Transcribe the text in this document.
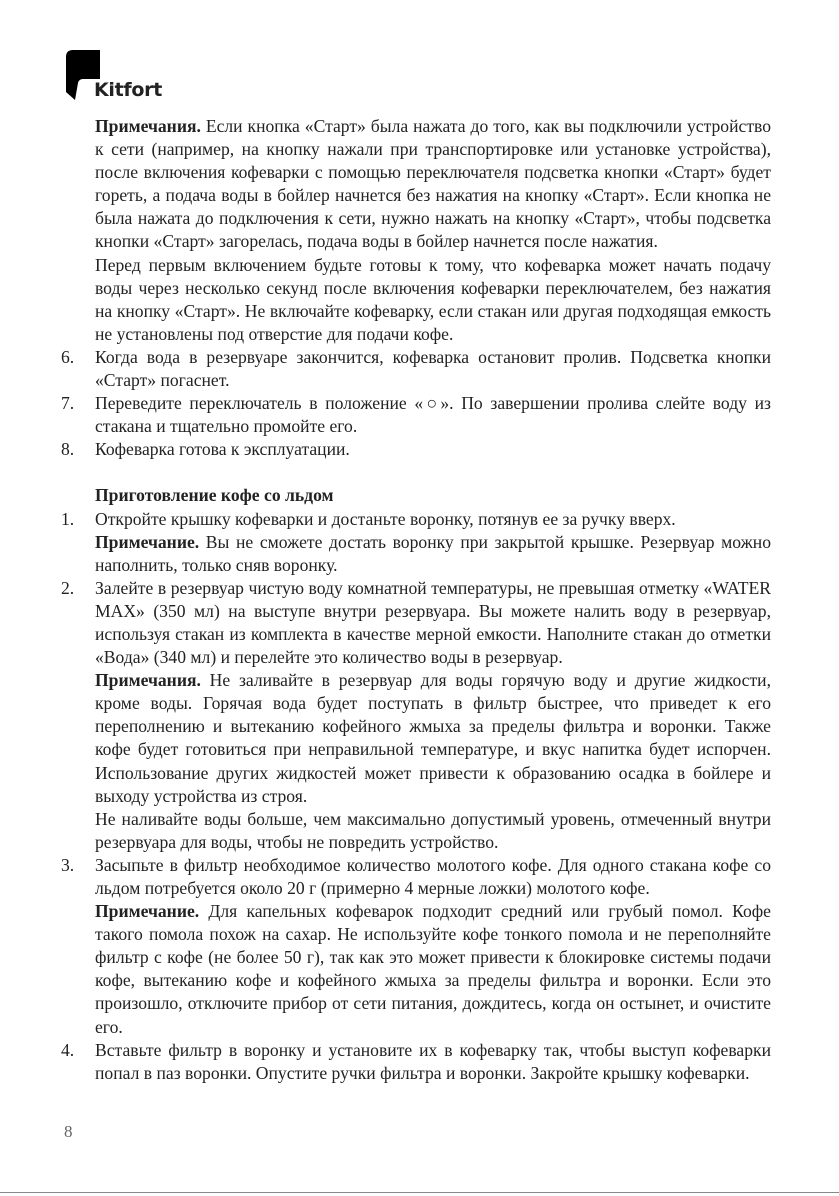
Kitfort

Примечания. Если кнопка «Старт» была нажата до того, как вы подключили устройство к сети (например, на кнопку нажали при транспортировке или установке устройства), после включения кофеварки с помощью переключателя подсветка кнопки «Старт» будет гореть, а подача воды в бойлер начнется без нажатия на кнопку «Старт». Если кнопка не была нажата до подключения к сети, нужно нажать на кнопку «Старт», чтобы подсветка кнопки «Старт» загорелась, подача воды в бойлер начнется после нажатия.

Перед первым включением будьте готовы к тому, что кофеварка может начать подачу воды через несколько секунд после включения кофеварки переключателем, без нажатия на кнопку «Старт». Не включайте кофеварку, если стакан или другая подходящая емкость не установлены под отверстие для подачи кофе.

6. Когда вода в резервуаре закончится, кофеварка остановит пролив. Подсветка кнопки «Старт» погаснет.
7. Переведите переключатель в положение «○». По завершении пролива слейте воду из стакана и тщательно промойте его.
8. Кофеварка готова к эксплуатации.

Приготовление кофе со льдом

1. Откройте крышку кофеварки и достаньте воронку, потянув ее за ручку вверх.
Примечание. Вы не сможете достать воронку при закрытой крышке. Резервуар можно наполнить, только сняв воронку.
2. Залейте в резервуар чистую воду комнатной температуры, не превышая отметку «WATER MAX» (350 мл) на выступе внутри резервуара. Вы можете налить воду в резервуар, используя стакан из комплекта в качестве мерной емкости. Наполните стакан до отметки «Вода» (340 мл) и перелейте это количество воды в резервуар.

Примечания. Не заливайте в резервуар для воды горячую воду и другие жидкости, кроме воды. Горячая вода будет поступать в фильтр быстрее, что приведет к его переполнению и вытеканию кофейного жмыха за пределы фильтра и воронки. Также кофе будет готовиться при неправильной температуре, и вкус напитка будет испорчен. Использование других жидкостей может привести к образованию осадка в бойлере и выходу устройства из строя.

Не наливайте воды больше, чем максимально допустимый уровень, отмеченный внутри резервуара для воды, чтобы не повредить устройство.

3. Засыпьте в фильтр необходимое количество молотого кофе. Для одного стакана кофе со льдом потребуется около 20 г (примерно 4 мерные ложки) молотого кофе.

Примечание. Для капельных кофеварок подходит средний или грубый помол. Кофе такого помола похож на сахар. Не используйте кофе тонкого помола и не переполняйте фильтр с кофе (не более 50 г), так как это может привести к блокировке системы подачи кофе, вытеканию кофе и кофейного жмыха за пределы фильтра и воронки. Если это произошло, отключите прибор от сети питания, дождитесь, когда он остынет, и очистите его.

4. Вставьте фильтр в воронку и установите их в кофеварку так, чтобы выступ кофеварки попал в паз воронки. Опустите ручки фильтра и воронки. Закройте крышку кофеварки.
8
